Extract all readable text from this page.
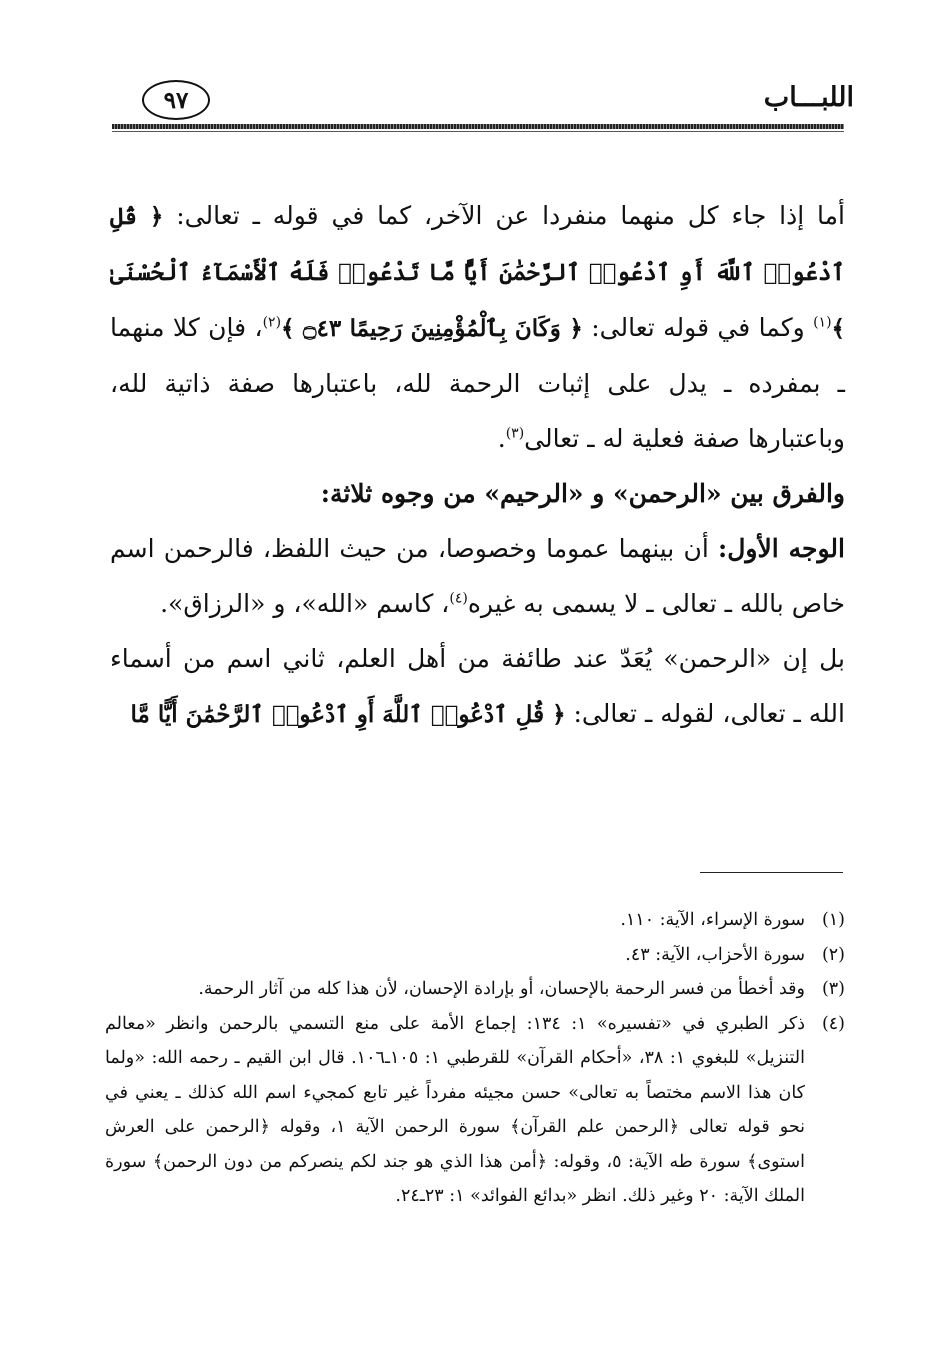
اللبـــاب
٩٧

أما إذا جاء كل منهما منفردا عن الآخر، كما في قوله ـ تعالى: ﴿ قُلِ ٱدْعُوا۟ ٱللَّهَ أَوِ ٱدْعُوا۟ ٱلرَّحْمَٰنَ أَيًّا مَّا تَدْعُوا۟ فَلَهُ ٱلْأَسْمَآءُ ٱلْحُسْنَىٰ ﴾$^{(١)}$ وكما في قوله تعالى: ﴿ وَكَانَ بِٱلْمُؤْمِنِينَ رَحِيمًا ۝٤٣ ﴾$^{(٢)}$، فإن كلا منهما ـ بمفرده ـ يدل على إثبات الرحمة لله، باعتبارها صفة ذاتية لله، وباعتبارها صفة فعلية له ـ تعالى$^{(٣)}$.

والفرق بين «الرحمن» و «الرحيم» من وجوه ثلاثة:

الوجه الأول: أن بينهما عموما وخصوصا، من حيث اللفظ، فالرحمن اسم خاص بالله ـ تعالى ـ لا يسمى به غيره$^{(٤)}$، كاسم «الله»، و «الرزاق».

بل إن «الرحمن» يُعَدّ عند طائفة من أهل العلم، ثاني اسم من أسماء الله ـ تعالى، لقوله ـ تعالى: ﴿ قُلِ ٱدْعُوا۟ ٱللَّهَ أَوِ ٱدْعُوا۟ ٱلرَّحْمَٰنَ أَيًّا مَّا

(١)
سورة الإسراء، الآية: ١١٠.
(٢)
سورة الأحزاب، الآية: ٤٣.
(٣)
وقد أخطأ من فسر الرحمة بالإحسان، أو بإرادة الإحسان، لأن هذا كله من آثار الرحمة.
(٤)
ذكر الطبري في «تفسيره» ١: ١٣٤: إجماع الأمة على منع التسمي بالرحمن وانظر «معالم التنزيل» للبغوي ١: ٣٨، «أحكام القرآن» للقرطبي ١: ١٠٥ـ١٠٦. قال ابن القيم ـ رحمه الله: «ولما كان هذا الاسم مختصاً به تعالى» حسن مجيئه مفرداً غير تابع كمجيء اسم الله كذلك ـ يعني في نحو قوله تعالى ﴿الرحمن علم القرآن﴾ سورة الرحمن الآية ١، وقوله ﴿الرحمن على العرش استوى﴾ سورة طه الآية: ٥، وقوله: ﴿أمن هذا الذي هو جند لكم ينصركم من دون الرحمن﴾ سورة الملك الآية: ٢٠ وغير ذلك. انظر «بدائع الفوائد» ١: ٢٣ـ٢٤.
